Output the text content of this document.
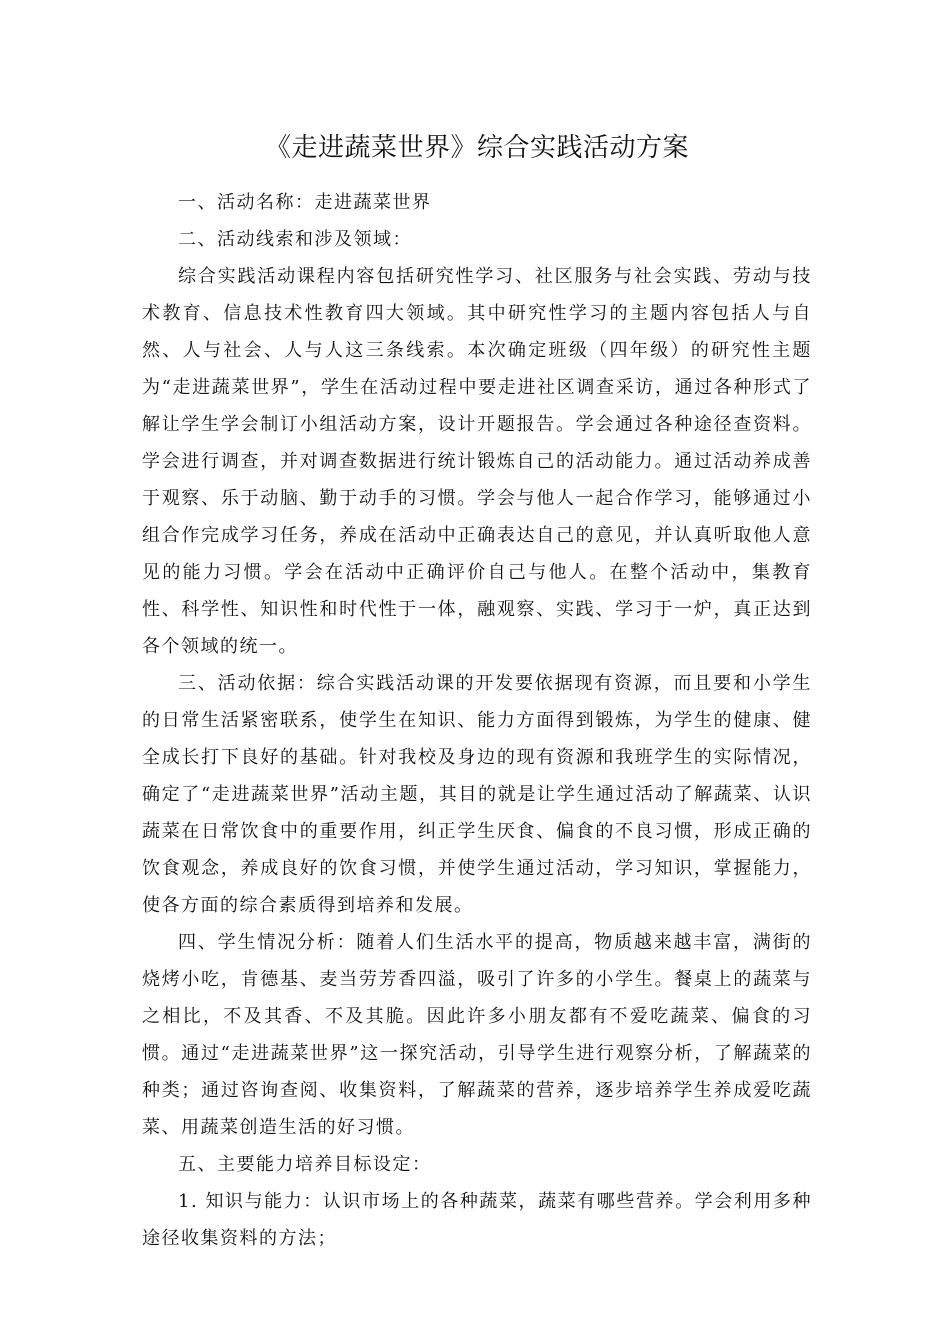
《走进蔬菜世界》综合实践活动方案

一、活动名称：走进蔬菜世界

二、活动线索和涉及领域：

综合实践活动课程内容包括研究性学习、社区服务与社会实践、劳动与技术教育、信息技术性教育四大领域。其中研究性学习的主题内容包括人与自然、人与社会、人与人这三条线索。本次确定班级（四年级）的研究性主题为“走进蔬菜世界”，学生在活动过程中要走进社区调查采访，通过各种形式了解让学生学会制订小组活动方案，设计开题报告。学会通过各种途径查资料。学会进行调查，并对调查数据进行统计锻炼自己的活动能力。通过活动养成善于观察、乐于动脑、勤于动手的习惯。学会与他人一起合作学习，能够通过小组合作完成学习任务，养成在活动中正确表达自己的意见，并认真听取他人意见的能力习惯。学会在活动中正确评价自己与他人。在整个活动中，集教育性、科学性、知识性和时代性于一体，融观察、实践、学习于一炉，真正达到各个领域的统一。

三、活动依据：综合实践活动课的开发要依据现有资源，而且要和小学生的日常生活紧密联系，使学生在知识、能力方面得到锻炼，为学生的健康、健全成长打下良好的基础。针对我校及身边的现有资源和我班学生的实际情况，确定了“走进蔬菜世界”活动主题，其目的就是让学生通过活动了解蔬菜、认识蔬菜在日常饮食中的重要作用，纠正学生厌食、偏食的不良习惯，形成正确的饮食观念，养成良好的饮食习惯，并使学生通过活动，学习知识，掌握能力，使各方面的综合素质得到培养和发展。

四、学生情况分析：随着人们生活水平的提高，物质越来越丰富，满街的烧烤小吃，肯德基、麦当劳芳香四溢，吸引了许多的小学生。餐桌上的蔬菜与之相比，不及其香、不及其脆。因此许多小朋友都有不爱吃蔬菜、偏食的习惯。通过“走进蔬菜世界”这一探究活动，引导学生进行观察分析，了解蔬菜的种类；通过咨询查阅、收集资料，了解蔬菜的营养，逐步培养学生养成爱吃蔬菜、用蔬菜创造生活的好习惯。

五、主要能力培养目标设定：

1. 知识与能力：认识市场上的各种蔬菜，蔬菜有哪些营养。学会利用多种途径收集资料的方法；
